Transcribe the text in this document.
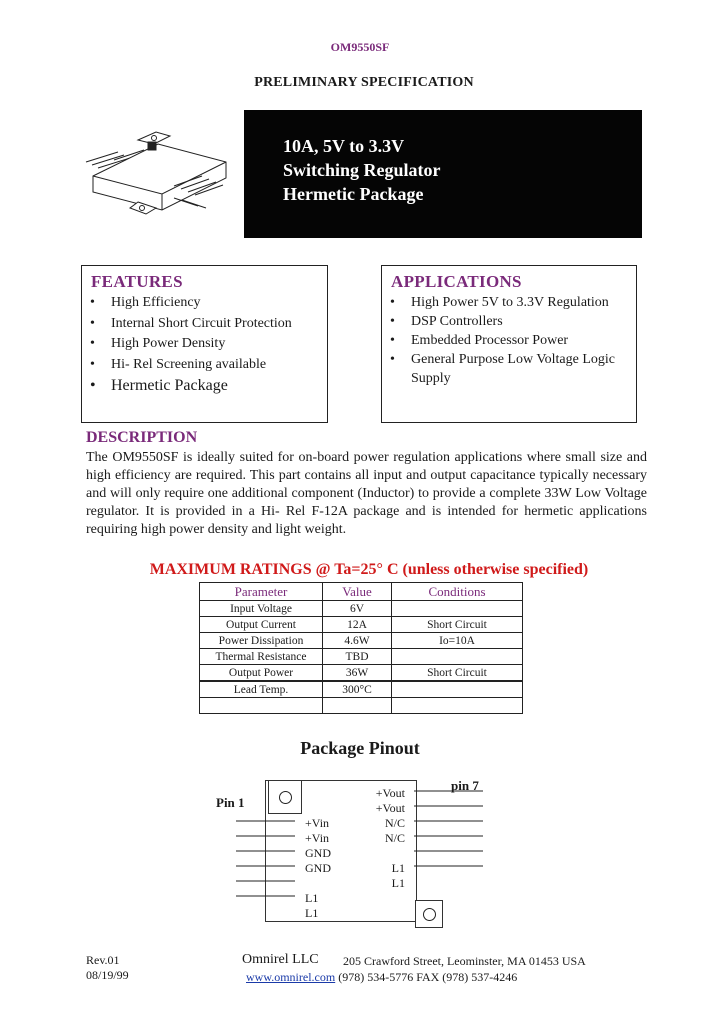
OM9550SF
PRELIMINARY SPECIFICATION
10A, 5V to 3.3V
Switching Regulator
Hermetic Package
FEATURES
• High Efficiency
• Internal Short Circuit Protection
• High Power Density
• Hi- Rel Screening available
• Hermetic Package
APPLICATIONS
• High Power 5V to 3.3V Regulation
• DSP Controllers
• Embedded Processor Power
• General Purpose Low Voltage Logic Supply
DESCRIPTION
The OM9550SF is ideally suited for on-board power regulation applications where small size and high efficiency are required. This part contains all input and output capacitance typically necessary and will only require one additional component (Inductor) to provide a complete 33W Low Voltage regulator. It is provided in a Hi- Rel F-12A package and is intended for hermetic applications requiring high power density and light weight.
MAXIMUM RATINGS @ Ta=25° C (unless otherwise specified)
Parameter	Value	Conditions
Input Voltage	6V	
Output Current	12A	Short Circuit
Power Dissipation	4.6W	Io=10A
Thermal Resistance	TBD	
Output Power	36W	Short Circuit
Lead Temp.	300°C	

Package Pinout
Pin 1
pin 7
+Vin
+Vin
GND
GND
L1
L1
+Vout
+Vout
N/C
N/C
L1
L1
Rev.01
08/19/99
Omnirel LLC 205 Crawford Street, Leominster, MA 01453 USA
www.omnirel.com (978) 534-5776 FAX (978) 537-4246
